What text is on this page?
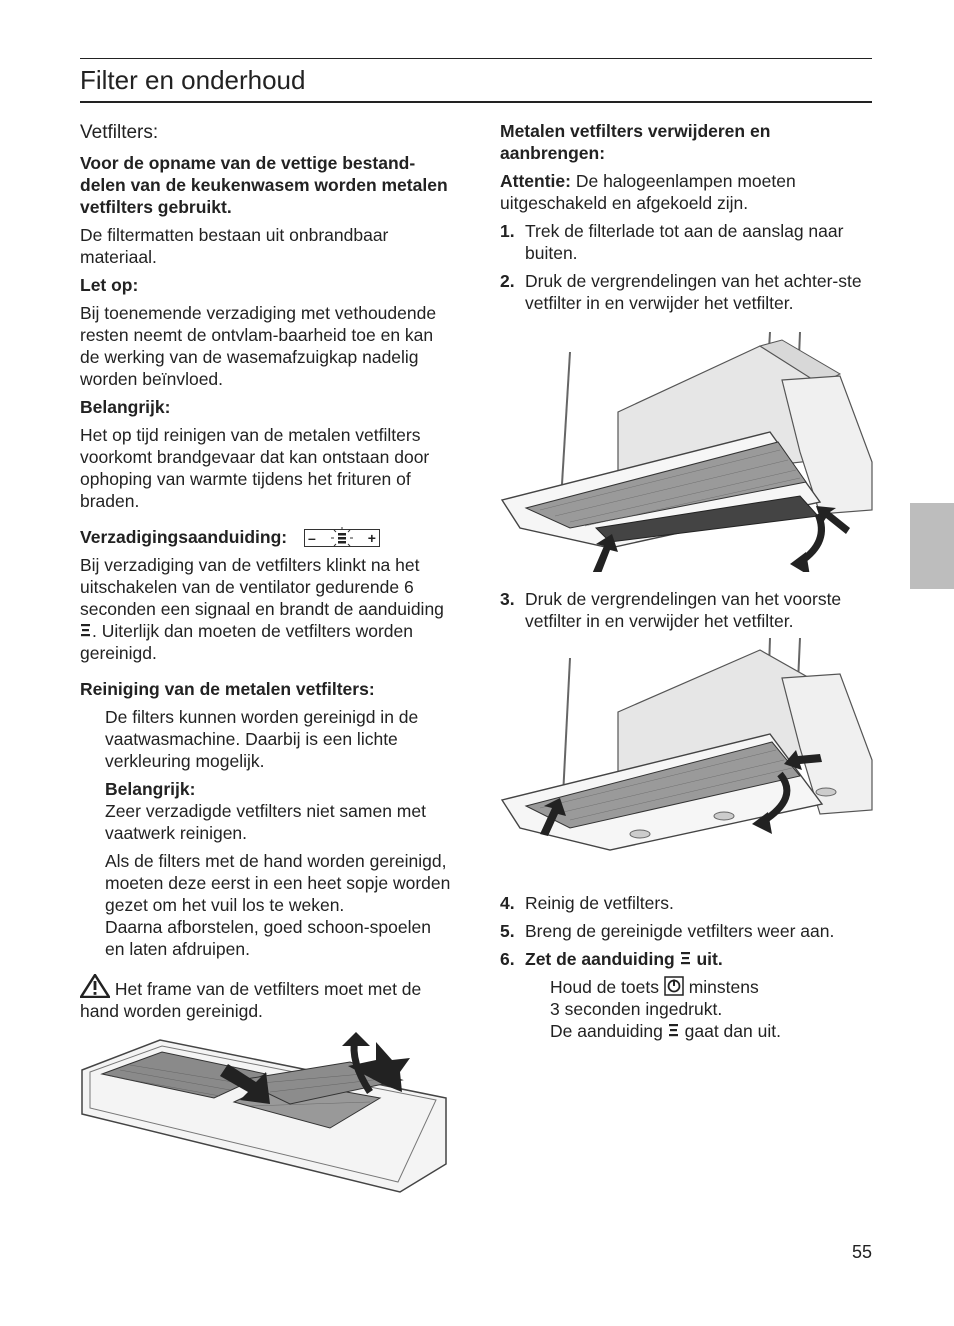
Filter en onderhoud

Vetfilters:

Voor de opname van de vettige bestand-delen van de keukenwasem worden metalen vetfilters gebruikt.

De filtermatten bestaan uit onbrandbaar materiaal.

Let op:

Bij toenemende verzadiging met vethoudende resten neemt de ontvlam-baarheid toe en kan de werking van de wasemafzuigkap nadelig worden beïnvloed.

Belangrijk:

Het op tijd reinigen van de metalen vetfilters voorkomt brandgevaar dat kan ontstaan door ophoping van warmte tijdens het frituren of braden.

Verzadigingsaanduiding: –	+

Bij verzadiging van de vetfilters klinkt na het uitschakelen van de ventilator gedurende 6 seconden een signaal en brandt de aanduiding . Uiterlijk dan moeten de vetfilters worden gereinigd.

Reiniging van de metalen vetfilters:

De filters kunnen worden gereinigd in de vaatwasmachine. Daarbij is een lichte verkleuring mogelijk.

Belangrijk:

Zeer verzadigde vetfilters niet samen met vaatwerk reinigen.

Als de filters met de hand worden gereinigd, moeten deze eerst in een heet sopje worden gezet om het vuil los te weken.

Daarna afborstelen, goed schoon-spoelen en laten afdruipen.

Het frame van de vetfilters moet met de hand worden gereinigd.

Metalen vetfilters verwijderen en aanbrengen:

Attentie: De halogeenlampen moeten uitgeschakeld en afgekoeld zijn.

1. Trek de filterlade tot aan de aanslag naar buiten.
2. Druk de vergrendelingen van het achter-ste vetfilter in en verwijder het vetfilter.
3. Druk de vergrendelingen van het voorste vetfilter in en verwijder het vetfilter.
4. Reinig de vetfilters.
5. Breng de gereinigde vetfilters weer aan.
6. Zet de aanduiding uit.

Houd de toets minstens

3 seconden ingedrukt.

De aanduiding gaat dan uit.

55
